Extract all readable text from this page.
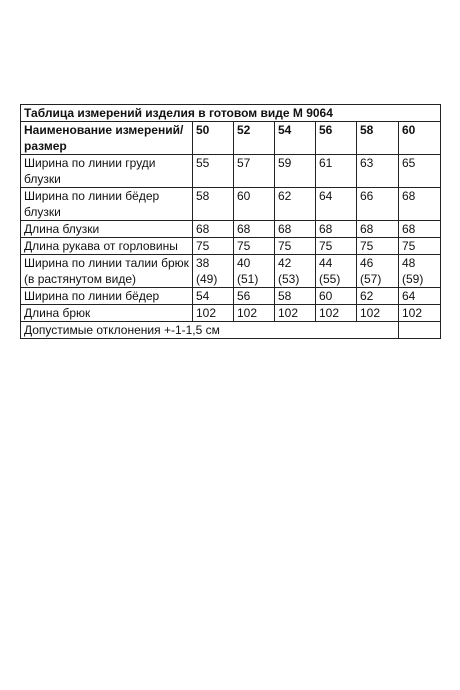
Таблица измерений изделия в готовом виде М 9064						
Наименование измерений/размер	50	52	54	56	58	60
Ширина по линии груди блузки	55	57	59	61	63	65
Ширина по линии бёдер блузки	58	60	62	64	66	68
Длина блузки	68	68	68	68	68	68
Длина рукава от горловины	75	75	75	75	75	75
Ширина по линии талии брюк (в растянутом виде)	38 (49)	40 (51)	42 (53)	44 (55)	46 (57)	48 (59)
Ширина по линии бёдер	54	56	58	60	62	64
Длина брюк	102	102	102	102	102	102
Допустимые отклонения +-1-1,5 см						
